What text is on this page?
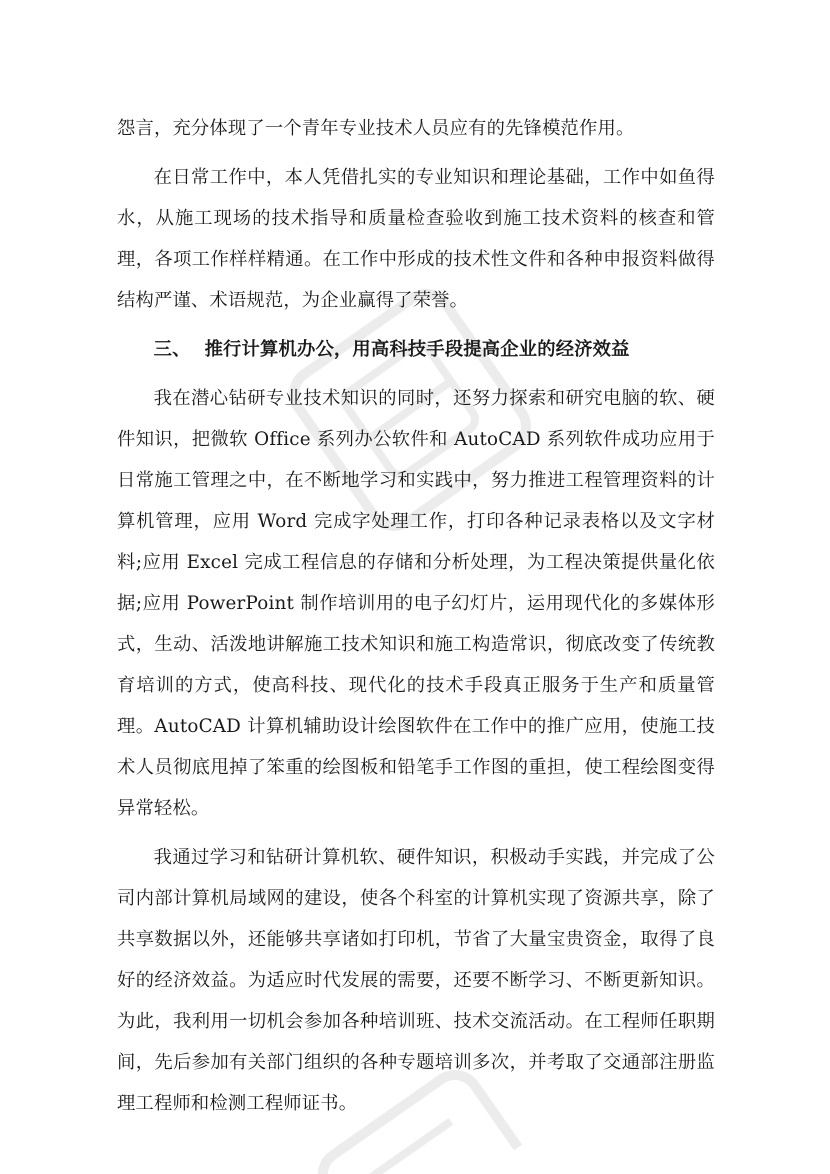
怨言，充分体现了一个青年专业技术人员应有的先锋模范作用。

在日常工作中，本人凭借扎实的专业知识和理论基础，工作中如鱼得水，从施工现场的技术指导和质量检查验收到施工技术资料的核查和管理，各项工作样样精通。在工作中形成的技术性文件和各种申报资料做得结构严谨、术语规范，为企业赢得了荣誉。

三、 推行计算机办公，用高科技手段提高企业的经济效益

我在潜心钻研专业技术知识的同时，还努力探索和研究电脑的软、硬件知识，把微软 Office 系列办公软件和 AutoCAD 系列软件成功应用于日常施工管理之中，在不断地学习和实践中，努力推进工程管理资料的计算机管理，应用 Word 完成字处理工作，打印各种记录表格以及文字材料;应用 Excel 完成工程信息的存储和分析处理，为工程决策提供量化依据;应用 PowerPoint 制作培训用的电子幻灯片，运用现代化的多媒体形式，生动、活泼地讲解施工技术知识和施工构造常识，彻底改变了传统教育培训的方式，使高科技、现代化的技术手段真正服务于生产和质量管理。AutoCAD 计算机辅助设计绘图软件在工作中的推广应用，使施工技术人员彻底甩掉了笨重的绘图板和铅笔手工作图的重担，使工程绘图变得异常轻松。

我通过学习和钻研计算机软、硬件知识，积极动手实践，并完成了公司内部计算机局域网的建设，使各个科室的计算机实现了资源共享，除了共享数据以外，还能够共享诸如打印机，节省了大量宝贵资金，取得了良好的经济效益。为适应时代发展的需要，还要不断学习、不断更新知识。为此，我利用一切机会参加各种培训班、技术交流活动。在工程师任职期间，先后参加有关部门组织的各种专题培训多次，并考取了交通部注册监理工程师和检测工程师证书。
